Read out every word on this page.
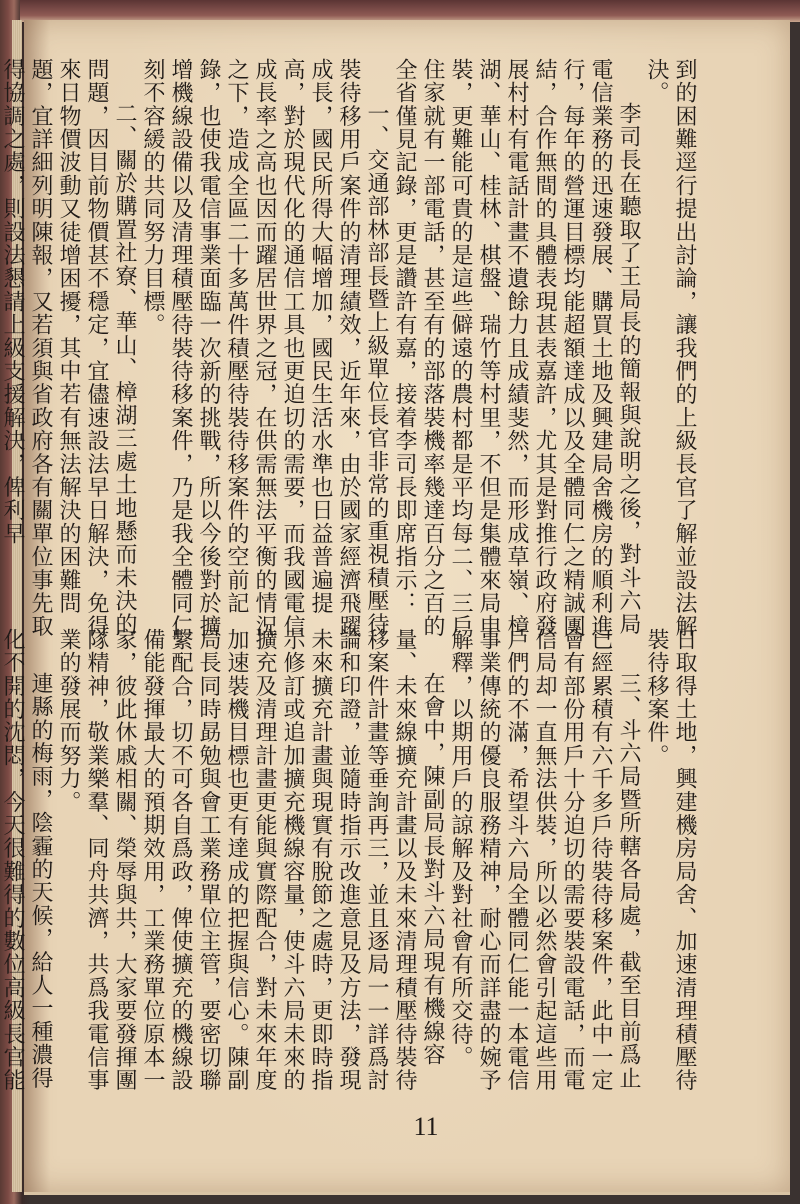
到的困難逕行提出討論，讓我們的上級長官了解並設法解決。

李司長在聽取了王局長的簡報與說明之後，對斗六局電信業務的迅速發展、購買土地及興建局舍機房的順利進行，每年的營運目標均能超額達成以及全體同仁之精誠團結，合作無間的具體表現甚表嘉許，尤其是對推行政府發展村村有電話計畫不遺餘力且成績斐然，而形成草嶺、樟湖、華山、桂林、棋盤、瑞竹等村里，不但是集體來局申裝，更難能可貴的是這些僻遠的農村都是平均每二、三戶住家就有一部電話，甚至有的部落裝機率幾達百分之百的全省僅見記錄，更是讚許有嘉，接着李司長即席指示：

一、交通部林部長暨上級單位長官非常的重視積壓待裝待移用戶案件的清理績效，近年來，由於國家經濟飛躍成長，國民所得大幅增加，國民生活水準也日益普遍提高，對於現代化的通信工具也更迫切的需要，而我國電信成長率之高也因而躍居世界之冠，在供需無法平衡的情況之下，造成全區二十多萬件積壓待裝待移案件的空前記錄，也使我電信事業面臨一次新的挑戰，所以今後對於擴增機線設備以及清理積壓待裝待移案件，乃是我全體同仁刻不容緩的共同努力目標。

二、關於購置社寮、華山、樟湖三處土地懸而未決的問題，因目前物價甚不穩定，宜儘速設法早日解決，免得來日物價波動又徒增困擾，其中若有無法解決的困難問題，宜詳細列明陳報，又若須與省政府各有關單位事先取得協調之處，則設法懇請上級支援解決，俾利早

日取得土地，興建機房局舍、加速清理積壓待裝待移案件。

三、斗六局暨所轄各局處，截至目前爲止已經累積有六千多戶待裝待移案件，此中一定會有部份用戶十分迫切的需要裝設電話，而電信局却一直無法供裝，所以必然會引起這些用戶們的不滿，希望斗六局全體同仁能一本電信事業傳統的優良服務精神，耐心而詳盡的婉予解釋，以期用戶的諒解及對社會有所交待。

在會中，陳副局長對斗六局現有機線容量、未來線擴充計畫以及未來清理積壓待裝待移案件計畫等垂詢再三，並且逐局一一詳爲討論和印證，並隨時指示改進意見及方法，發現未來擴充計畫與現實有脫節之處時，更即時指示修訂或追加擴充機線容量，使斗六局未來的擴充及清理計畫更能與實際配合，對未來年度加速裝機目標也更有達成的把握與信心。陳副局長同時勗勉與會工業務單位主管，要密切聯繫配合，切不可各自爲政，俾使擴充的機線設備能發揮最大的預期效用，工業務單位原本一家，彼此休戚相關、榮辱與共，大家要發揮團隊精神，敬業樂羣、同舟共濟，共爲我電信事業的發展而努力。

連縣的梅雨，陰霾的天候，給人一種濃得化不開的沈悶，今天很難得的數位高級長官能

11
